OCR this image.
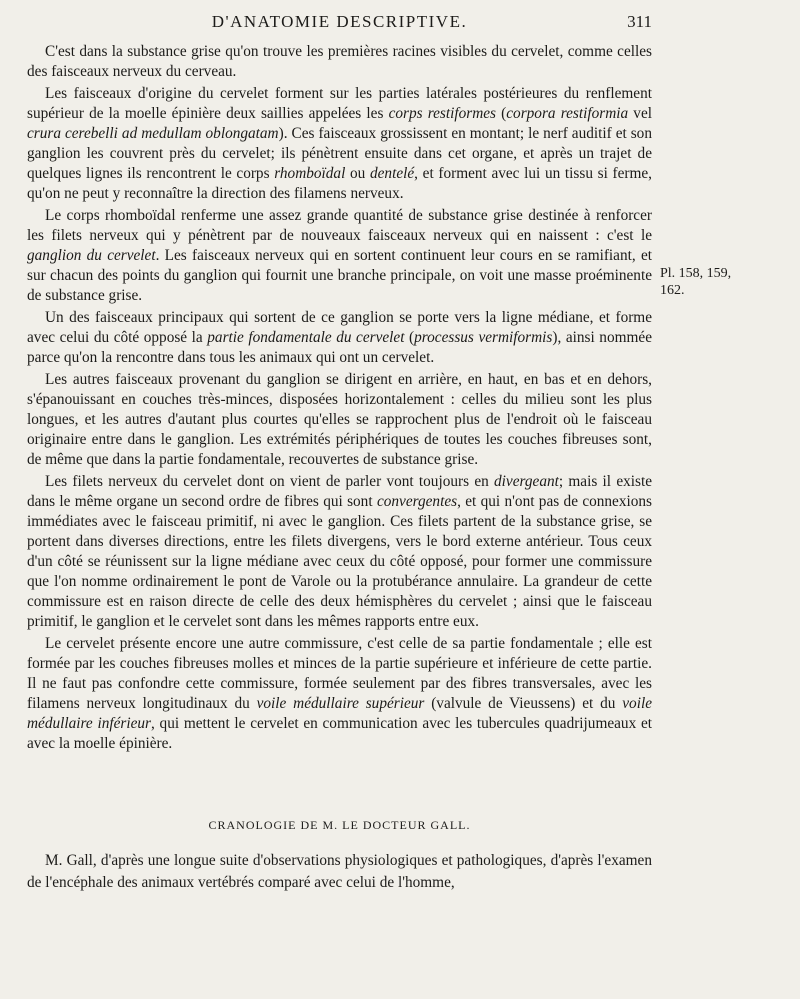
D'ANATOMIE DESCRIPTIVE.	311

C'est dans la substance grise qu'on trouve les premières racines visibles du cervelet, comme celles des faisceaux nerveux du cerveau.

Les faisceaux d'origine du cervelet forment sur les parties latérales postérieures du renflement supérieur de la moelle épinière deux saillies appelées les corps restiformes (corpora restiformia vel crura cerebelli ad medullam oblongatam). Ces faisceaux grossissent en montant; le nerf auditif et son ganglion les couvrent près du cervelet; ils pénètrent ensuite dans cet organe, et après un trajet de quelques lignes ils rencontrent le corps rhomboïdal ou dentelé, et forment avec lui un tissu si ferme, qu'on ne peut y reconnaître la direction des filamens nerveux.

Le corps rhomboïdal renferme une assez grande quantité de substance grise destinée à renforcer les filets nerveux qui y pénètrent par de nouveaux faisceaux nerveux qui en naissent : c'est le ganglion du cervelet. Les faisceaux nerveux qui en sortent continuent leur cours en se ramifiant, et sur chacun des points du ganglion qui fournit une branche principale, on voit une masse proéminente de substance grise.

Un des faisceaux principaux qui sortent de ce ganglion se porte vers la ligne médiane, et forme avec celui du côté opposé la partie fondamentale du cervelet (processus vermiformis), ainsi nommée parce qu'on la rencontre dans tous les animaux qui ont un cervelet.

Les autres faisceaux provenant du ganglion se dirigent en arrière, en haut, en bas et en dehors, s'épanouissant en couches très-minces, disposées horizontalement : celles du milieu sont les plus longues, et les autres d'autant plus courtes qu'elles se rapprochent plus de l'endroit où le faisceau originaire entre dans le ganglion. Les extrémités périphériques de toutes les couches fibreuses sont, de même que dans la partie fondamentale, recouvertes de substance grise.

Les filets nerveux du cervelet dont on vient de parler vont toujours en divergeant; mais il existe dans le même organe un second ordre de fibres qui sont convergentes, et qui n'ont pas de connexions immédiates avec le faisceau primitif, ni avec le ganglion. Ces filets partent de la substance grise, se portent dans diverses directions, entre les filets divergens, vers le bord externe antérieur. Tous ceux d'un côté se réunissent sur la ligne médiane avec ceux du côté opposé, pour former une commissure que l'on nomme ordinairement le pont de Varole ou la protubérance annulaire. La grandeur de cette commissure est en raison directe de celle des deux hémisphères du cervelet ; ainsi que le faisceau primitif, le ganglion et le cervelet sont dans les mêmes rapports entre eux.

Le cervelet présente encore une autre commissure, c'est celle de sa partie fondamentale ; elle est formée par les couches fibreuses molles et minces de la partie supérieure et inférieure de cette partie. Il ne faut pas confondre cette commissure, formée seulement par des fibres transversales, avec les filamens nerveux longitudinaux du voile médullaire supérieur (valvule de Vieussens) et du voile médullaire inférieur, qui mettent le cervelet en communication avec les tubercules quadrijumeaux et avec la moelle épinière.

Pl. 158, 159, 162.
CRANOLOGIE DE M. LE DOCTEUR GALL.

M. Gall, d'après une longue suite d'observations physiologiques et pathologiques, d'après l'examen de l'encéphale des animaux vertébrés comparé avec celui de l'homme,
